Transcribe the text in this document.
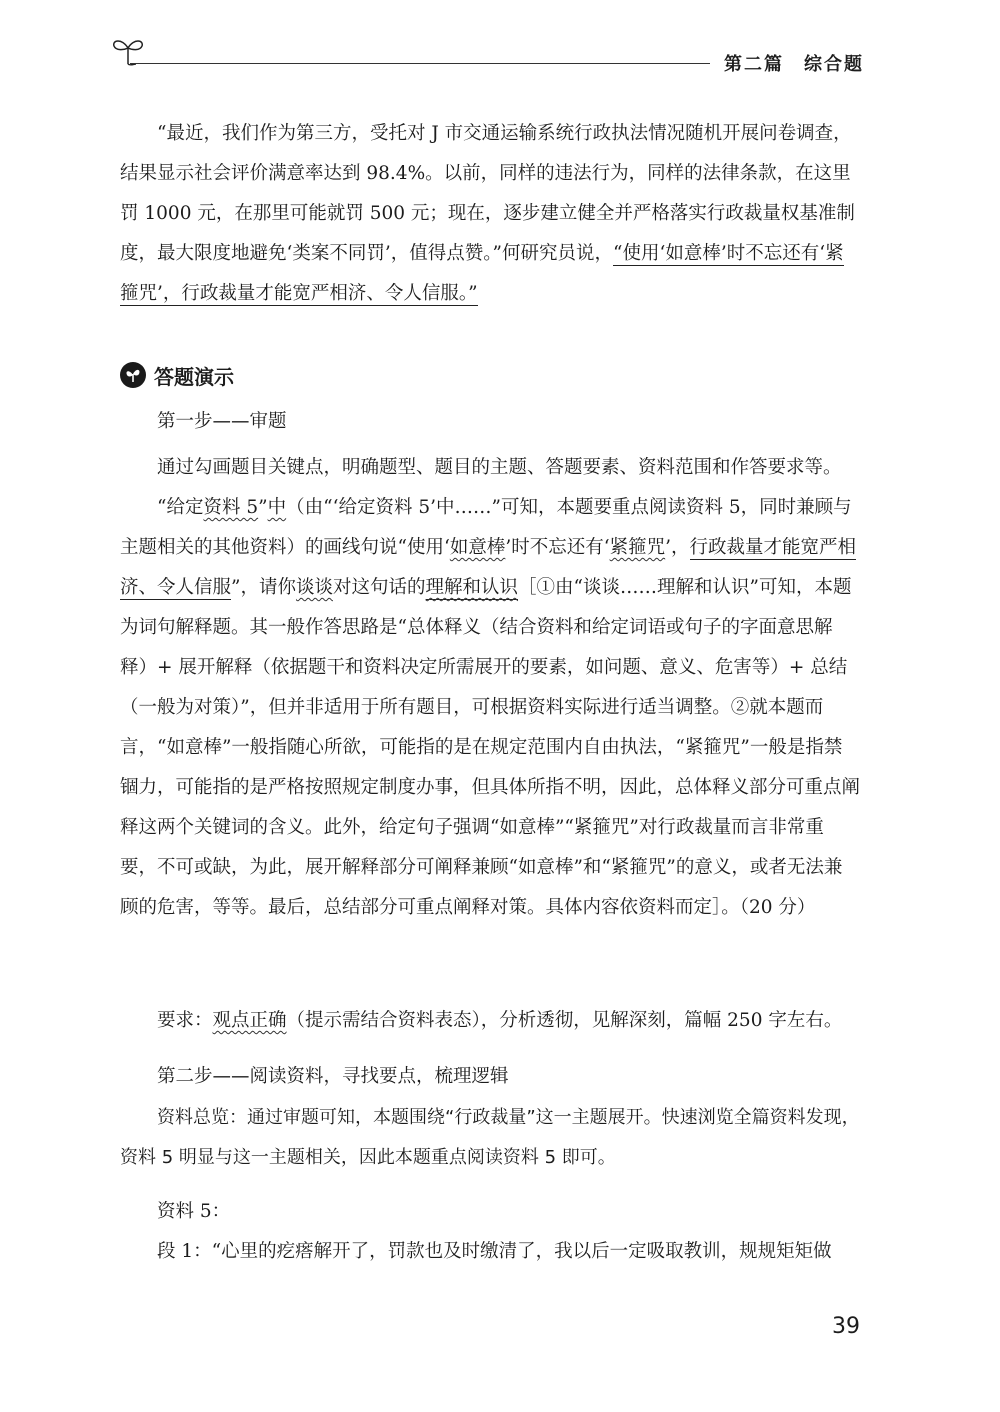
第二篇　综合题

“最近，我们作为第三方，受托对 J 市交通运输系统行政执法情况随机开展问卷调查，结果显示社会评价满意率达到 98.4%。以前，同样的违法行为，同样的法律条款，在这里罚 1000 元，在那里可能就罚 500 元；现在，逐步建立健全并严格落实行政裁量权基准制度，最大限度地避免‘类案不同罚’，值得点赞。”何研究员说，“使用‘如意棒’时不忘还有‘紧箍咒’，行政裁量才能宽严相济、令人信服。”

答题演示
第一步——审题

通过勾画题目关键点，明确题型、题目的主题、答题要素、资料范围和作答要求等。

“给定资料 5”中（由“‘给定资料 5’中……”可知，本题要重点阅读资料 5，同时兼顾与主题相关的其他资料）的画线句说“使用‘如意棒’时不忘还有‘紧箍咒’，行政裁量才能宽严相济、令人信服”，请你谈谈对这句话的理解和认识［①由“谈谈……理解和认识”可知，本题为词句解释题。其一般作答思路是“总体释义（结合资料和给定词语或句子的字面意思解释）+ 展开解释（依据题干和资料决定所需展开的要素，如问题、意义、危害等）+ 总结（一般为对策）”，但并非适用于所有题目，可根据资料实际进行适当调整。②就本题而言，“如意棒”一般指随心所欲，可能指的是在规定范围内自由执法，“紧箍咒”一般是指禁锢力，可能指的是严格按照规定制度办事，但具体所指不明，因此，总体释义部分可重点阐释这两个关键词的含义。此外，给定句子强调“如意棒”“紧箍咒”对行政裁量而言非常重要，不可或缺，为此，展开解释部分可阐释兼顾“如意棒”和“紧箍咒”的意义，或者无法兼顾的危害，等等。最后，总结部分可重点阐释对策。具体内容依资料而定］。（20 分）

要求：观点正确（提示需结合资料表态），分析透彻，见解深刻，篇幅 250 字左右。

第二步——阅读资料，寻找要点，梳理逻辑

资料总览：通过审题可知，本题围绕“行政裁量”这一主题展开。快速浏览全篇资料发现，资料 5 明显与这一主题相关，因此本题重点阅读资料 5 即可。

资料 5：

段 1：“心里的疙瘩解开了，罚款也及时缴清了，我以后一定吸取教训，规规矩矩做

39
